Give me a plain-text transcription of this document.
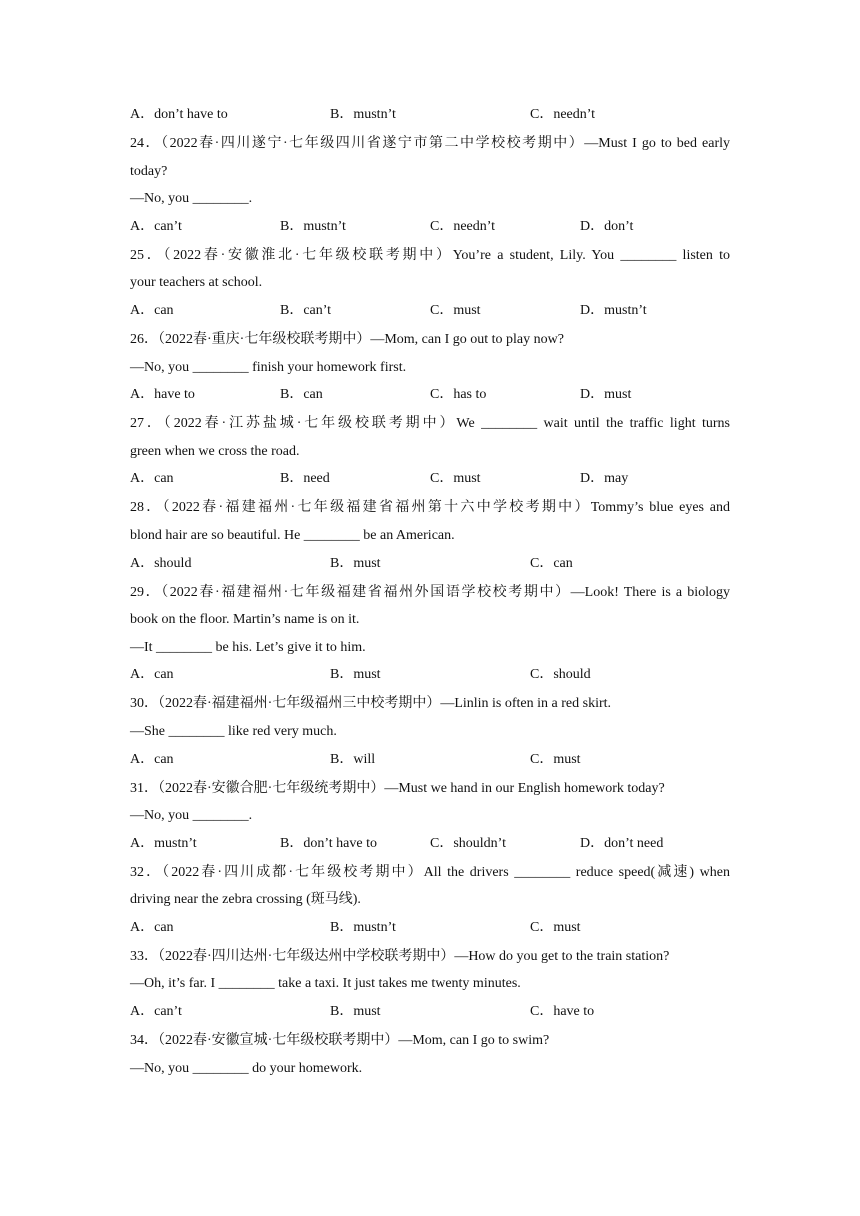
A．don’t have to	B．mustn’t	C．needn’t
24．（2022春·四川遂宁·七年级四川省遂宁市第二中学校校考期中）—Must I go to bed early
today?
—No, you ________.
A．can’t	B．mustn’t	C．needn’t	D．don’t
25．（2022春·安徽淮北·七年级校联考期中）You’re a student, Lily. You ________ listen to
your teachers at school.
A．can	B．can’t	C．must	D．mustn’t
26．（2022春·重庆·七年级校联考期中）—Mom, can I go out to play now?
—No, you ________ finish your homework first.
A．have to	B．can	C．has to	D．must
27．（2022春·江苏盐城·七年级校联考期中）We ________ wait until the traffic light turns
green when we cross the road.
A．can	B．need	C．must	D．may
28．（2022春·福建福州·七年级福建省福州第十六中学校考期中）Tommy’s blue eyes and
blond hair are so beautiful. He ________ be an American.
A．should	B．must	C．can
29．（2022春·福建福州·七年级福建省福州外国语学校校考期中）—Look! There is a biology
book on the floor. Martin’s name is on it.
—It ________ be his. Let’s give it to him.
A．can	B．must	C．should
30．（2022春·福建福州·七年级福州三中校考期中）—Linlin is often in a red skirt.
—She ________ like red very much.
A．can	B．will	C．must
31．（2022春·安徽合肥·七年级统考期中）—Must we hand in our English homework today?
—No, you ________.
A．mustn’t	B．don’t have to	C．shouldn’t	D．don’t need
32．（2022春·四川成都·七年级校考期中）All the drivers ________ reduce speed(减速) when
driving near the zebra crossing (斑马线).
A．can	B．mustn’t	C．must
33．（2022春·四川达州·七年级达州中学校联考期中）—How do you get to the train station?
—Oh, it’s far. I ________ take a taxi. It just takes me twenty minutes.
A．can’t	B．must	C．have to
34．（2022春·安徽宣城·七年级校联考期中）—Mom, can I go to swim?
—No, you ________ do your homework.
